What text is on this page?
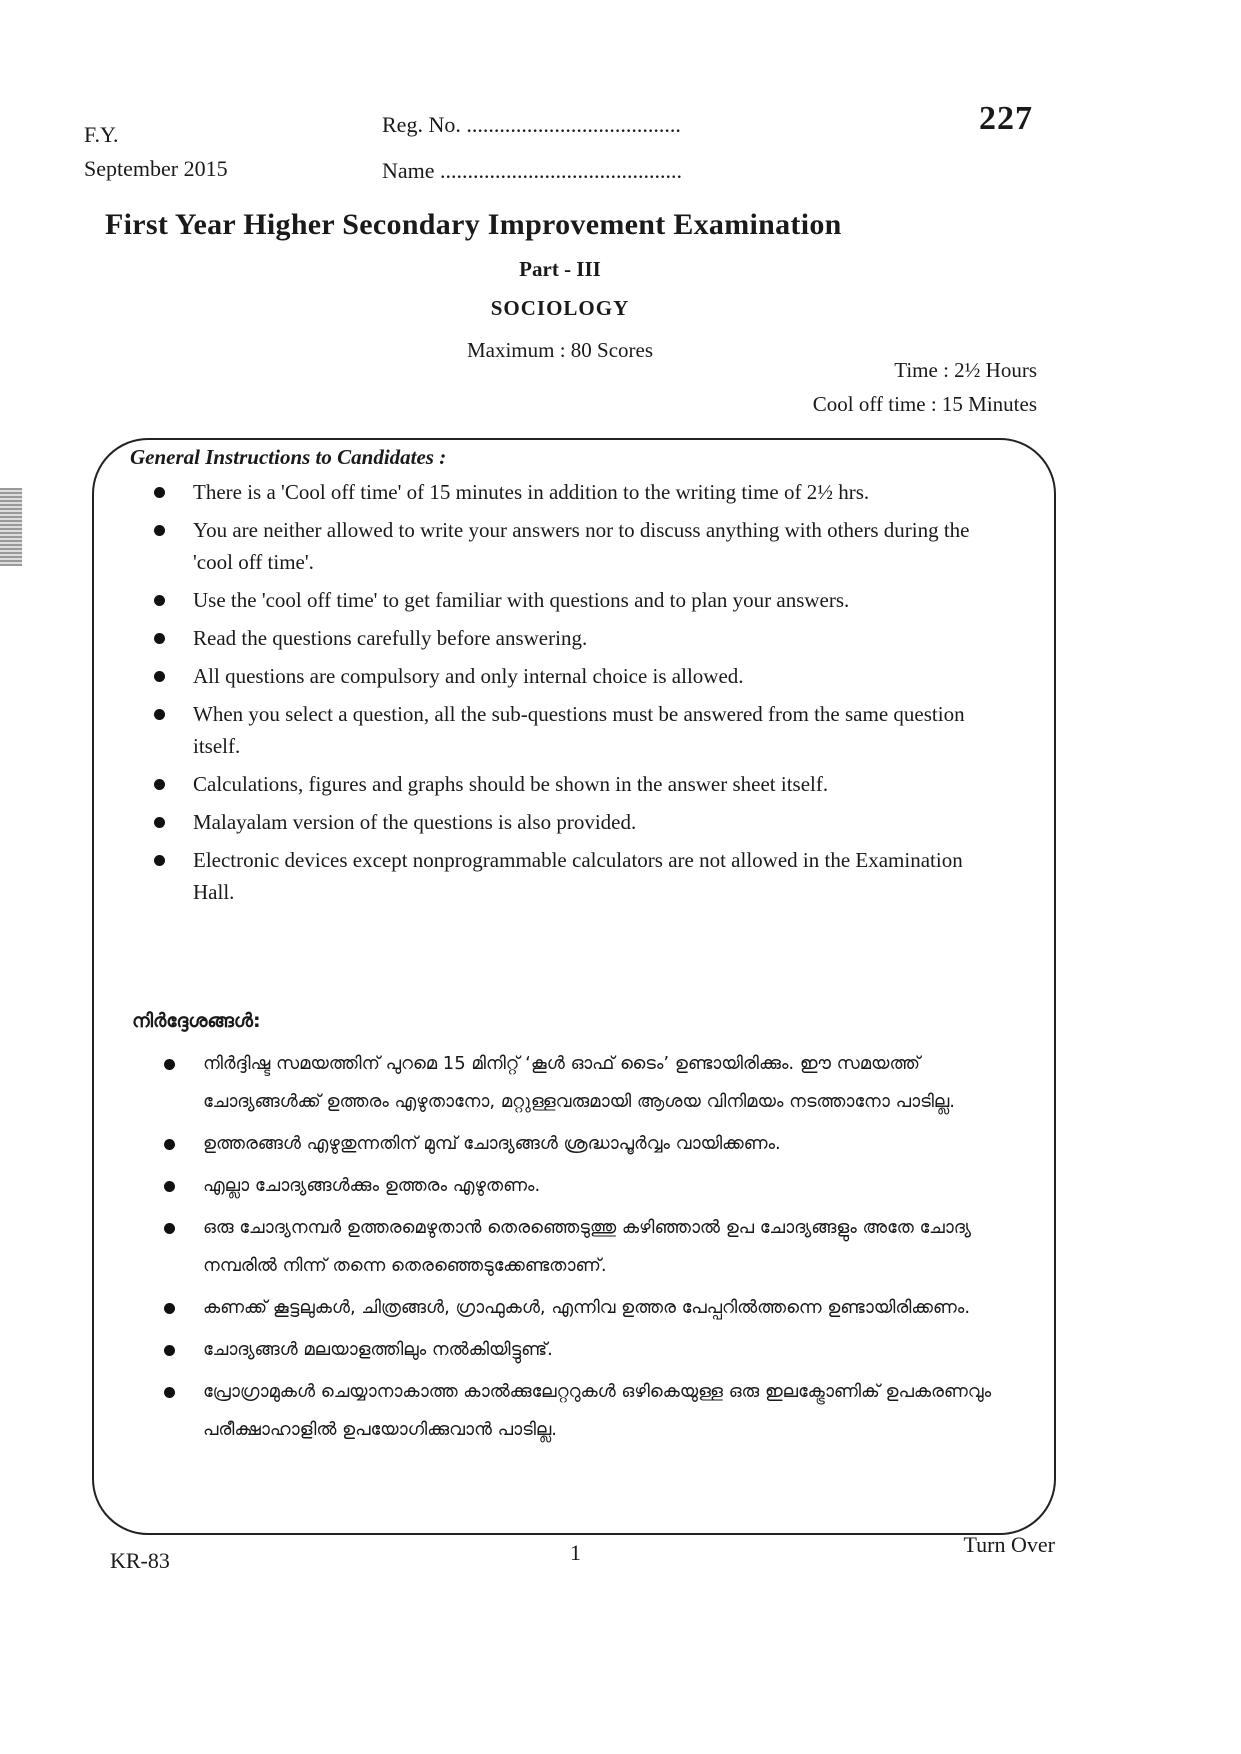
F.Y.
September 2015
Reg. No. .......................................
Name ............................................
227
First Year Higher Secondary Improvement Examination
Part - III
SOCIOLOGY
Maximum : 80 Scores
Time : 2½ Hours
Cool off time : 15 Minutes
General Instructions to Candidates :
There is a 'Cool off time' of 15 minutes in addition to the writing time of 2½ hrs.
You are neither allowed to write your answers nor to discuss anything with others during the 'cool off time'.
Use the 'cool off time' to get familiar with questions and to plan your answers.
Read the questions carefully before answering.
All questions are compulsory and only internal choice is allowed.
When you select a question, all the sub-questions must be answered from the same question itself.
Calculations, figures and graphs should be shown in the answer sheet itself.
Malayalam version of the questions is also provided.
Electronic devices except nonprogrammable calculators are not allowed in the Examination Hall.
നിർദ്ദേശങ്ങൾ:
നിർദ്ദിഷ്ട സമയത്തിന് പുറമെ 15 മിനിറ്റ് ‘കൂൾ ഓഫ് ടൈം’ ഉണ്ടായിരിക്കും. ഈ സമയത്ത് ചോദ്യങ്ങൾക്ക് ഉത്തരം എഴുതാനോ, മറ്റുള്ളവരുമായി ആശയ വിനിമയം നടത്താനോ പാടില്ല.
ഉത്തരങ്ങൾ എഴുതുന്നതിന് മുമ്പ് ചോദ്യങ്ങൾ ശ്രദ്ധാപൂർവ്വം വായിക്കണം.
എല്ലാ ചോദ്യങ്ങൾക്കും ഉത്തരം എഴുതണം.
ഒരു ചോദ്യനമ്പർ ഉത്തരമെഴുതാൻ തെരഞ്ഞെടുത്തു കഴിഞ്ഞാൽ ഉപ ചോദ്യങ്ങളും അതേ ചോദ്യ നമ്പരിൽ നിന്ന് തന്നെ തെരഞ്ഞെടുക്കേണ്ടതാണ്.
കണക്ക് കൂട്ടലുകൾ, ചിത്രങ്ങൾ, ഗ്രാഫുകൾ, എന്നിവ ഉത്തര പേപ്പറിൽത്തന്നെ ഉണ്ടായിരിക്കണം.
ചോദ്യങ്ങൾ മലയാളത്തിലും നൽകിയിട്ടുണ്ട്.
പ്രോഗ്രാമുകൾ ചെയ്യാനാകാത്ത കാൽക്കുലേറ്ററുകൾ ഒഴികെയുള്ള ഒരു ഇലക്ട്രോണിക് ഉപകരണവും പരീക്ഷാഹാളിൽ ഉപയോഗിക്കുവാൻ പാടില്ല.
KR-83	1	Turn Over
